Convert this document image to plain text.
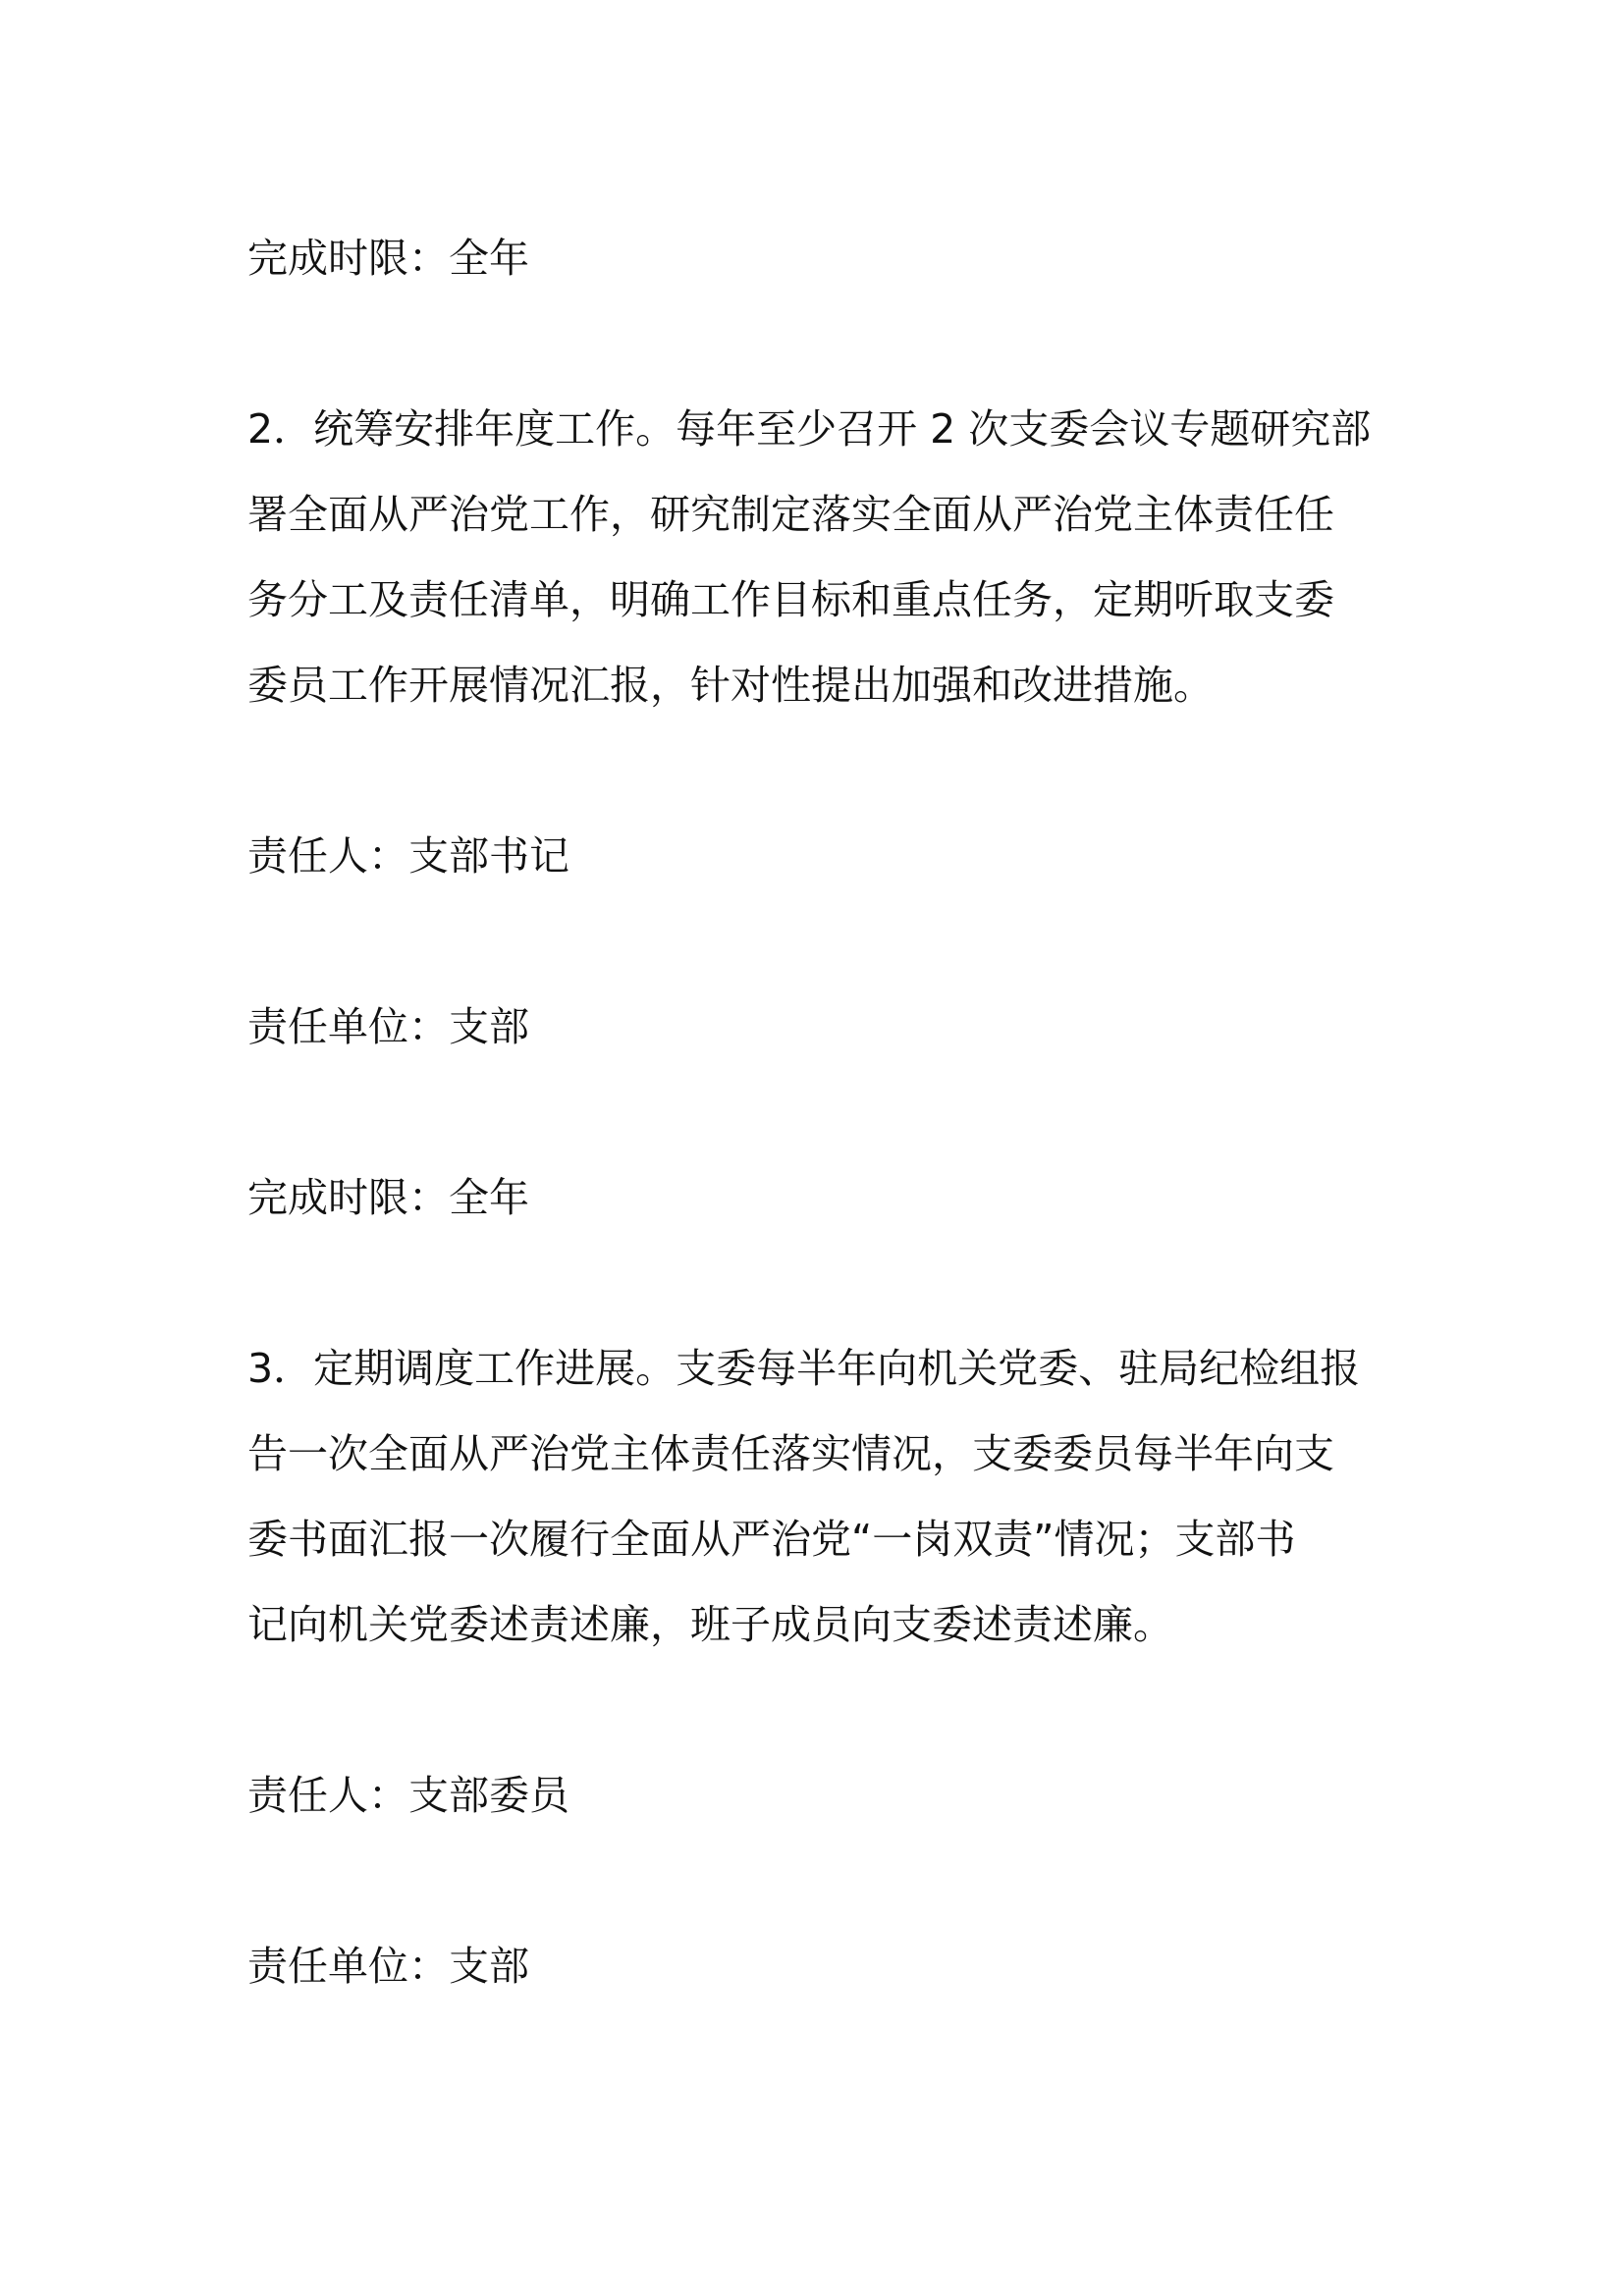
完成时限：全年
2．统筹安排年度工作。每年至少召开 2 次支委会议专题研究部
署全面从严治党工作，研究制定落实全面从严治党主体责任任
务分工及责任清单，明确工作目标和重点任务，定期听取支委
委员工作开展情况汇报，针对性提出加强和改进措施。
责任人：支部书记
责任单位：支部
完成时限：全年
3．定期调度工作进展。支委每半年向机关党委、驻局纪检组报
告一次全面从严治党主体责任落实情况，支委委员每半年向支
委书面汇报一次履行全面从严治党“一岗双责”情况；支部书
记向机关党委述责述廉，班子成员向支委述责述廉。
责任人：支部委员
责任单位：支部
